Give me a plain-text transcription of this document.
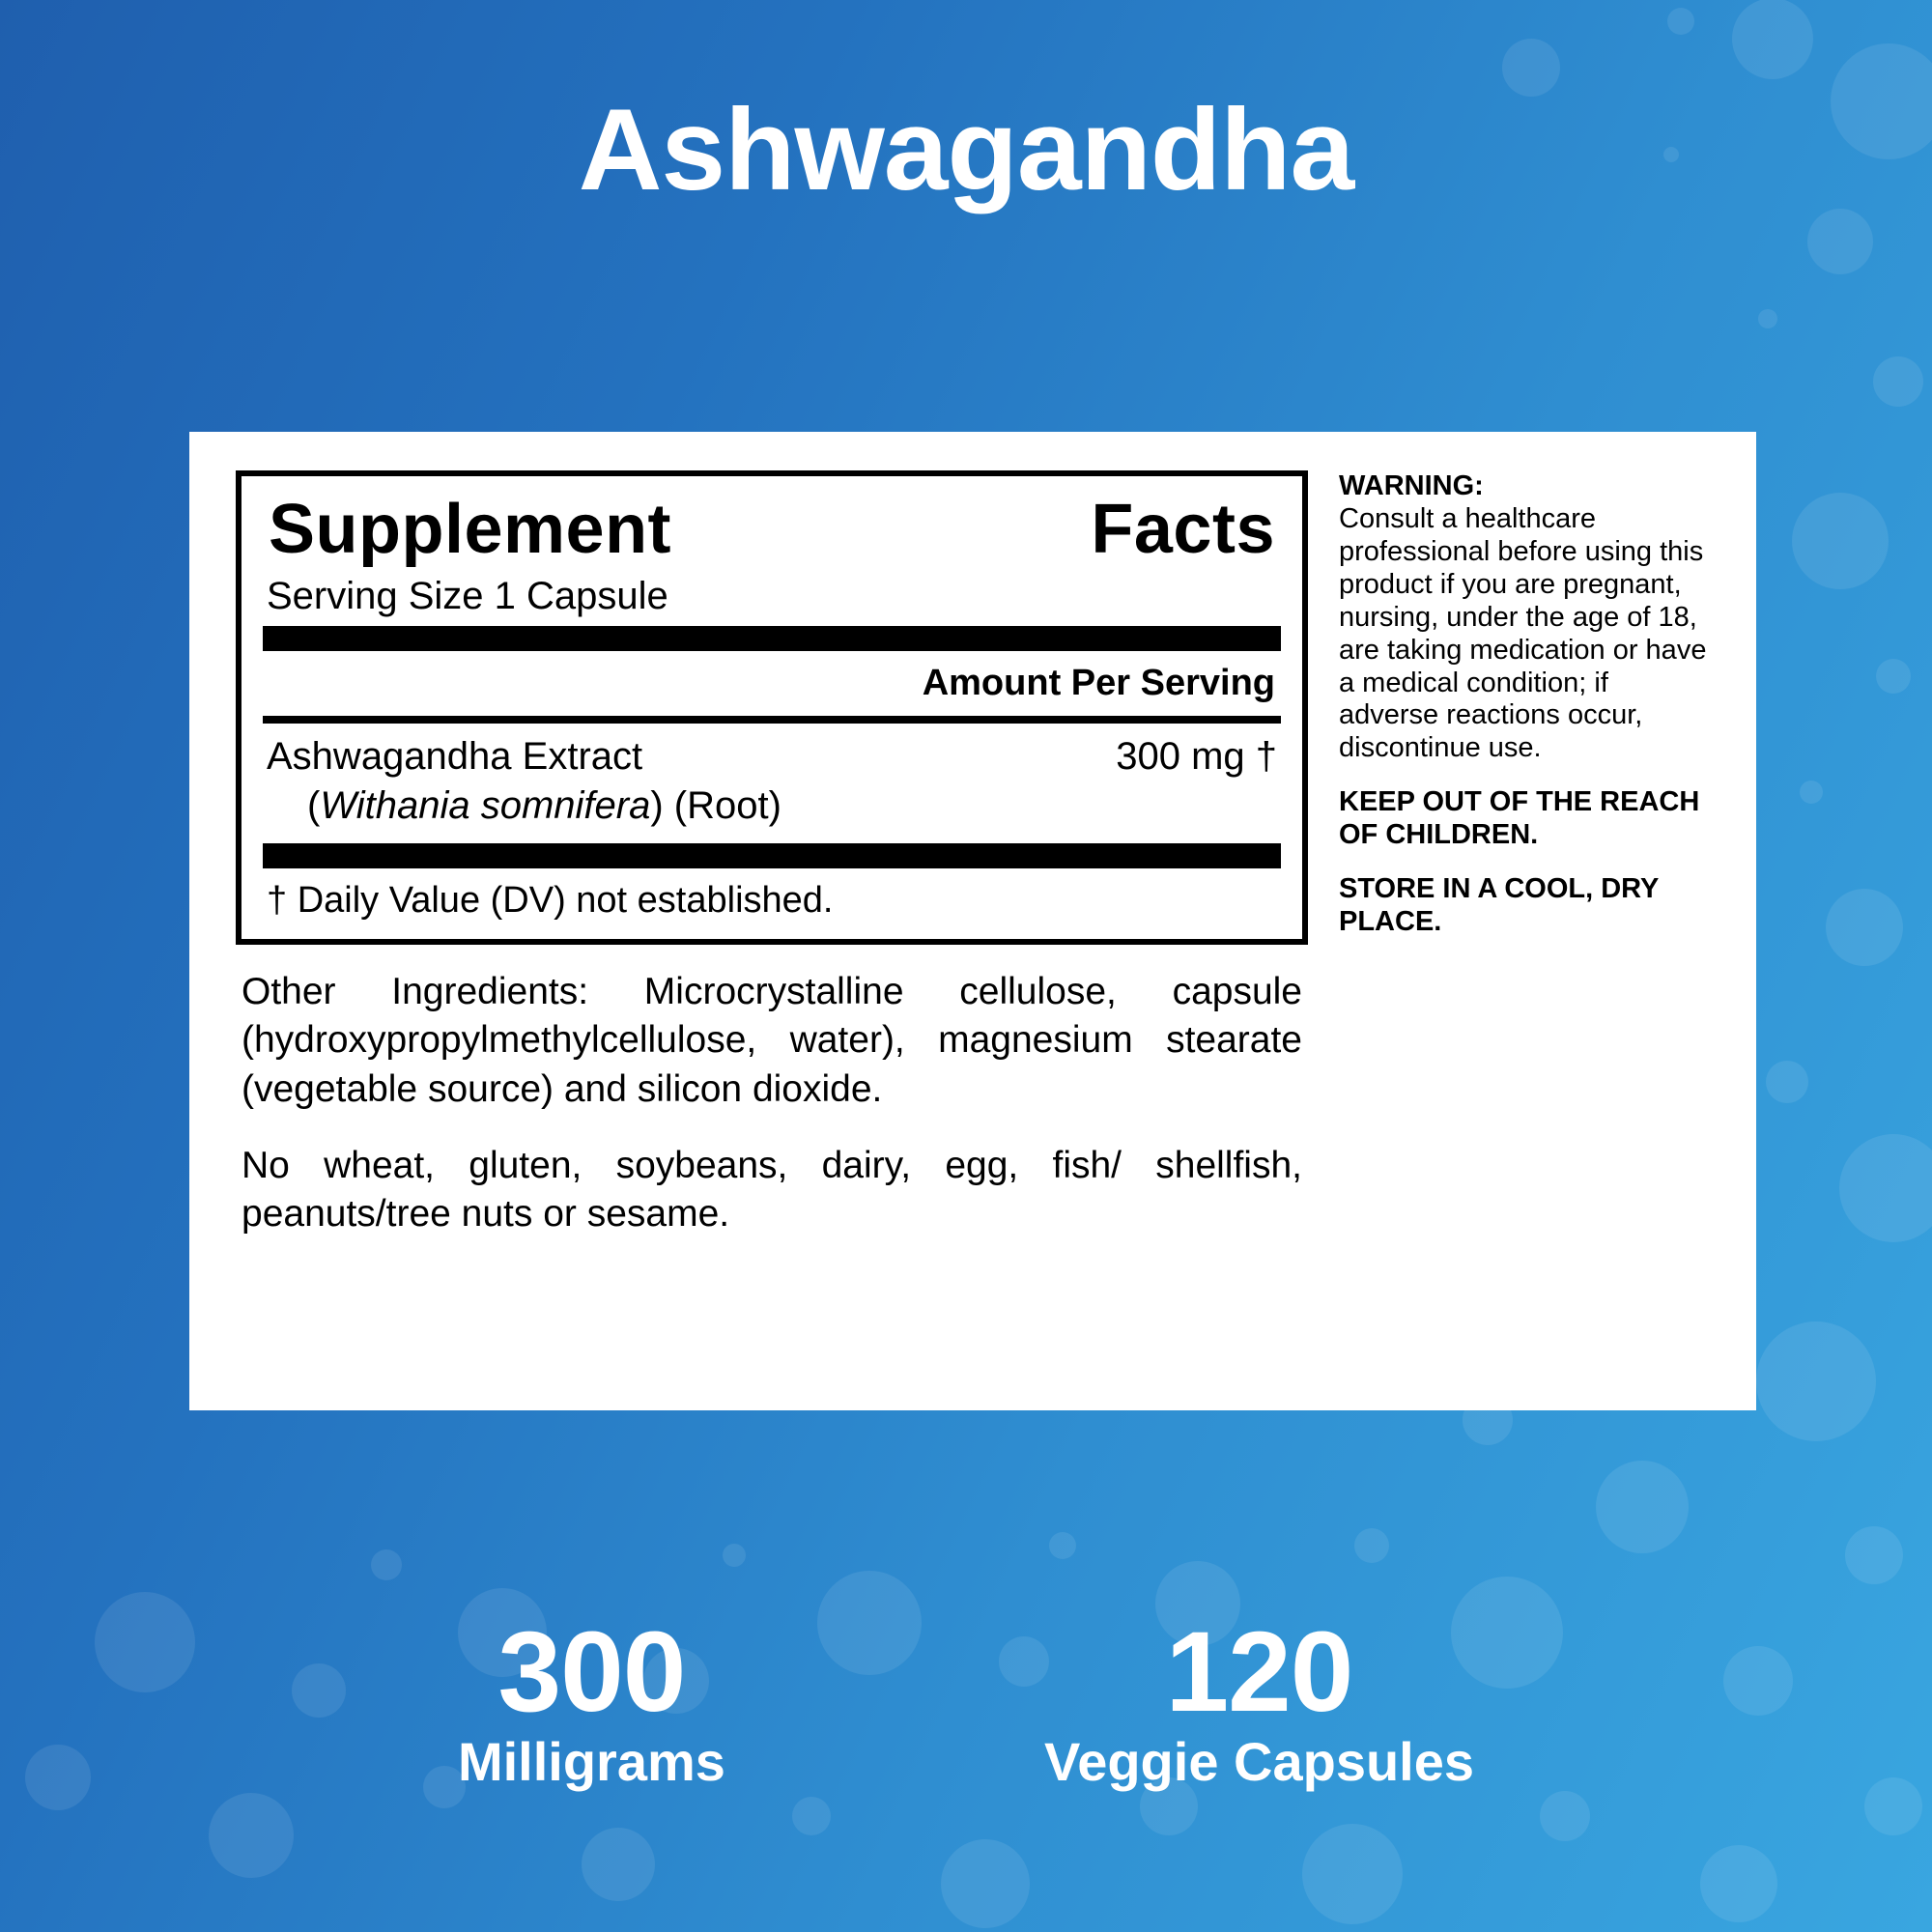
Ashwagandha
Supplement	Facts
Serving Size 1 Capsule
Amount Per Serving
Ashwagandha Extract	300 mg †
(Withania somnifera) (Root)
† Daily Value (DV) not established.
Other Ingredients: Microcrystalline cellulose, capsule (hydroxypropylmethylcellulose, water), magnesium stearate (vegetable source) and silicon dioxide.
No wheat, gluten, soybeans, dairy, egg, fish/ shellfish, peanuts/tree nuts or sesame.

WARNING:

Consult a healthcare professional before using this product if you are pregnant, nursing, under the age of 18, are taking medication or have a medical condition; if adverse reactions occur, discontinue use.

KEEP OUT OF THE REACH OF CHILDREN.

STORE IN A COOL, DRY PLACE.

300
Milligrams
120
Veggie Capsules
